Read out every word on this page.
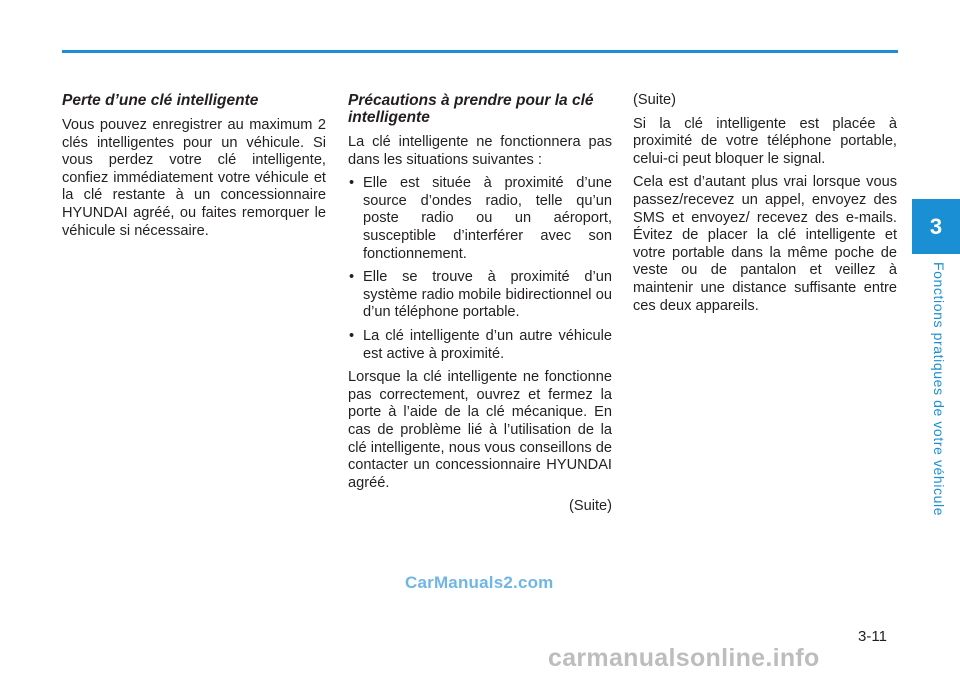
Perte d’une clé intelligente

Vous pouvez enregistrer au maximum 2 clés intelligentes pour un véhicule. Si vous perdez votre clé intelligente, confiez immédiatement votre véhicule et la clé restante à un concessionnaire HYUNDAI agréé, ou faites remorquer le véhicule si nécessaire.

Précautions à prendre pour la clé intelligente

La clé intelligente ne fonctionnera pas dans les situations suivantes :

• Elle est située à proximité d’une source d’ondes radio, telle qu’un poste radio ou un aéroport, susceptible d’interférer avec son fonctionnement.
• Elle se trouve à proximité d’un système radio mobile bidirectionnel ou d’un téléphone portable.
• La clé intelligente d’un autre véhicule est active à proximité.

Lorsque la clé intelligente ne fonctionne pas correctement, ouvrez et fermez la porte à l’aide de la clé mécanique. En cas de problème lié à l’utilisation de la clé intelligente, nous vous conseillons de contacter un concessionnaire HYUNDAI agréé.

(Suite)

(Suite)

Si la clé intelligente est placée à proximité de votre téléphone portable, celui-ci peut bloquer le signal.

Cela est d’autant plus vrai lorsque vous passez/recevez un appel, envoyez des SMS et envoyez/ recevez des e-mails. Évitez de placer la clé intelligente et votre portable dans la même poche de veste ou de pantalon et veillez à maintenir une distance suffisante entre ces deux appareils.

3
Fonctions pratiques de votre véhicule
3-11
CarManuals2.com
carmanualsonline.info
